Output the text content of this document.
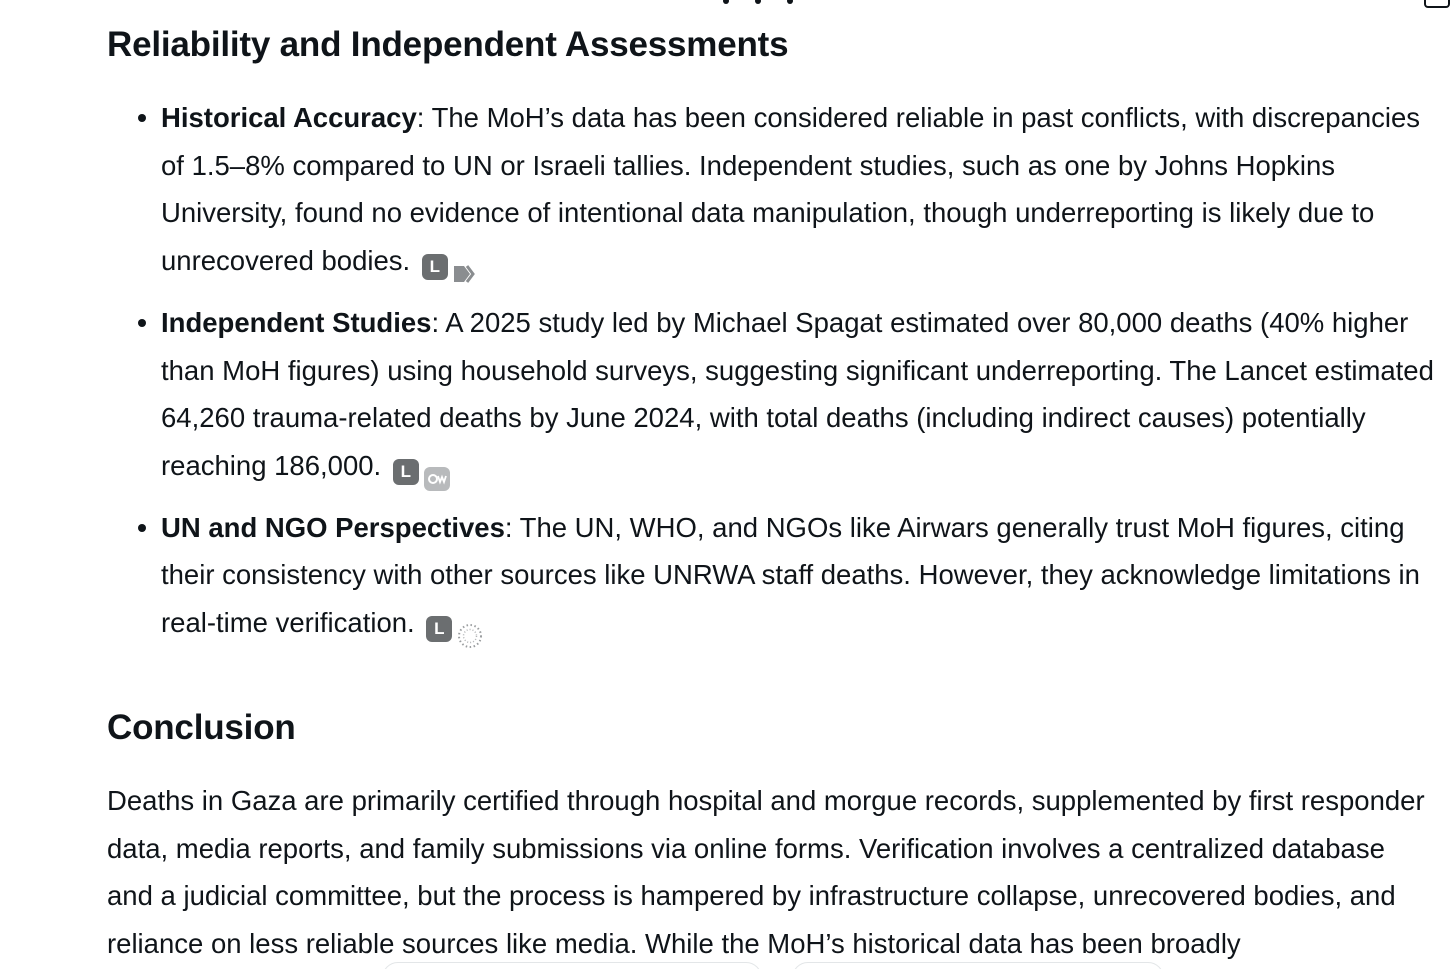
Reliability and Independent Assessments
Historical Accuracy: The MoH’s data has been considered reliable in past conflicts, with discrepancies of 1.5–8% compared to UN or Israeli tallies. Independent studies, such as one by Johns Hopkins University, found no evidence of intentional data manipulation, though underreporting is likely due to unrecovered bodies.	L
Independent Studies: A 2025 study led by Michael Spagat estimated over 80,000 deaths (40% higher than MoH figures) using household surveys, suggesting significant underreporting. The Lancet estimated 64,260 trauma-related deaths by June 2024, with total deaths (including indirect causes) potentially reaching 186,000.	L
UN and NGO Perspectives: The UN, WHO, and NGOs like Airwars generally trust MoH figures, citing their consistency with other sources like UNRWA staff deaths. However, they acknowledge limitations in real-time verification.	L
Conclusion

Deaths in Gaza are primarily certified through hospital and morgue records, supplemented by first responder data, media reports, and family submissions via online forms. Verification involves a centralized database and a judicial committee, but the process is hampered by infrastructure collapse, unrecovered bodies, and reliance on less reliable sources like media. While the MoH’s historical data has been broadly
